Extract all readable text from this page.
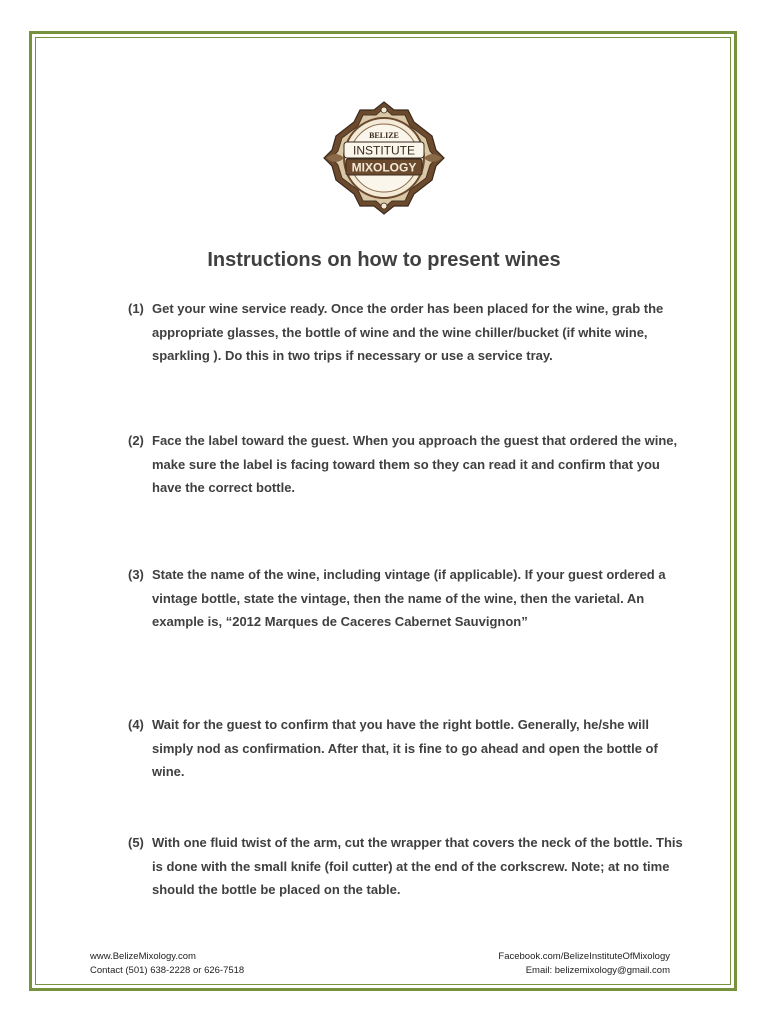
BELIZE
INSTITUTE
MIXOLOGY
Instructions on how to present wines
(1) Get your wine service ready. Once the order has been placed for the wine, grab the appropriate glasses, the bottle of wine and the wine chiller/bucket (if white wine, sparkling ). Do this in two trips if necessary or use a service tray.
(2) Face the label toward the guest. When you approach the guest that ordered the wine, make sure the label is facing toward them so they can read it and confirm that you have the correct bottle.
(3) State the name of the wine, including vintage (if applicable). If your guest ordered a vintage bottle, state the vintage, then the name of the wine, then the varietal. An example is, “2012 Marques de Caceres Cabernet Sauvignon”
(4) Wait for the guest to confirm that you have the right bottle. Generally, he/she will simply nod as confirmation. After that, it is fine to go ahead and open the bottle of wine.
(5) With one fluid twist of the arm, cut the wrapper that covers the neck of the bottle. This is done with the small knife (foil cutter) at the end of the corkscrew. Note; at no time should the bottle be placed on the table.
www.BelizeMixology.com
Contact (501) 638-2228 or 626-7518
Facebook.com/BelizeInstituteOfMixology
Email: belizemixology@gmail.com
